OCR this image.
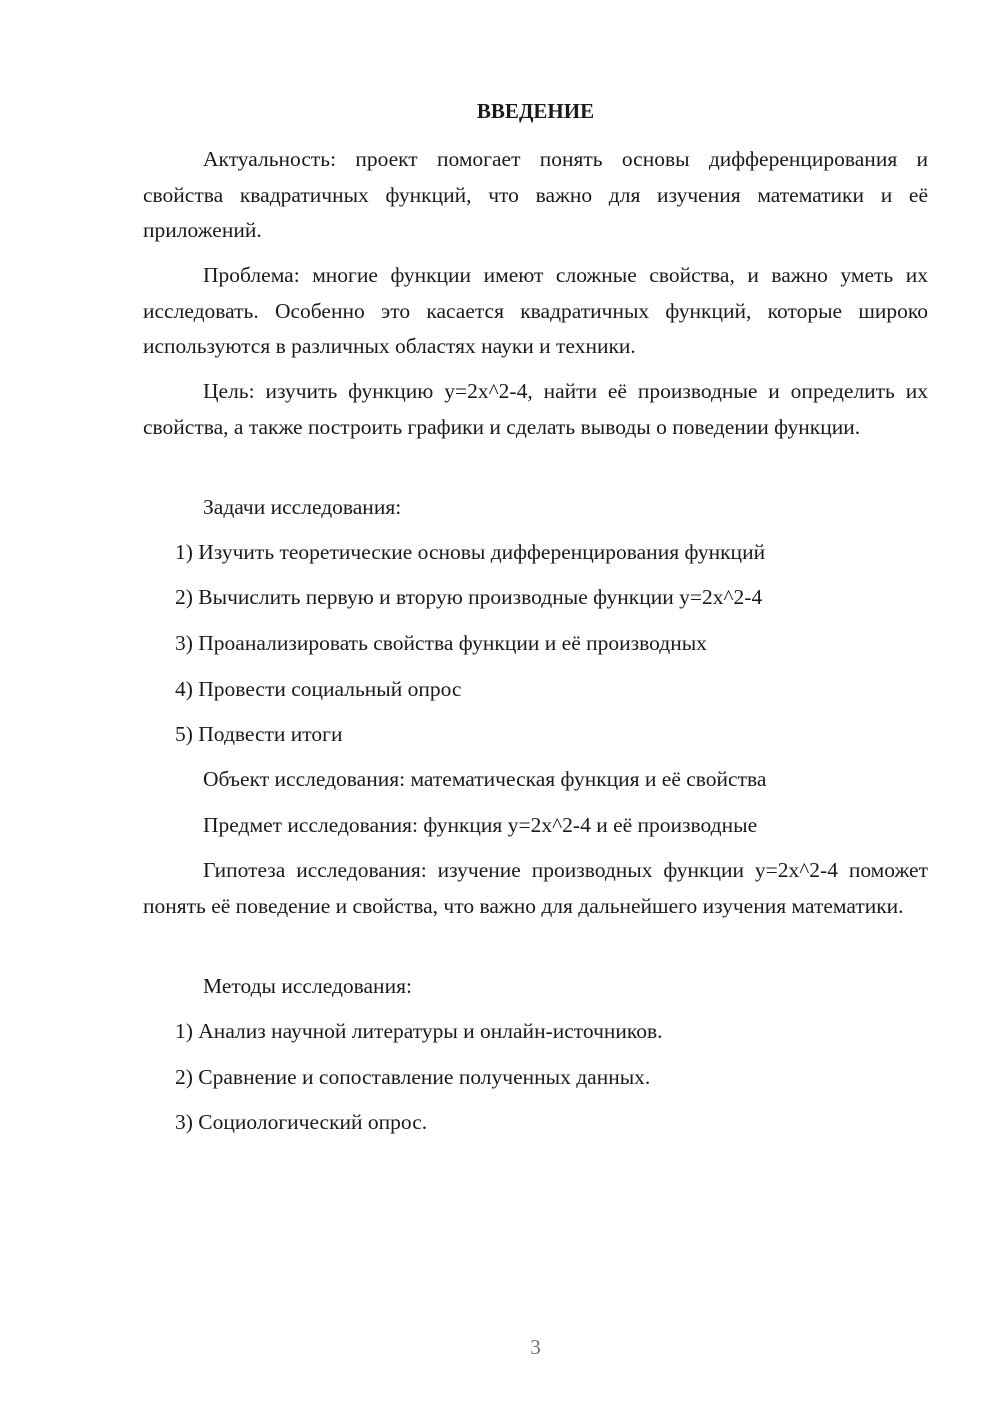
ВВЕДЕНИЕ

Актуальность: проект помогает понять основы дифференцирования и свойства квадратичных функций, что важно для изучения математики и её приложений.

Проблема: многие функции имеют сложные свойства, и важно уметь их исследовать. Особенно это касается квадратичных функций, которые широко используются в различных областях науки и техники.

Цель: изучить функцию y=2x^2-4, найти её производные и определить их свойства, а также построить графики и сделать выводы о поведении функции.

Задачи исследования:
1) Изучить теоретические основы дифференцирования функций
2) Вычислить первую и вторую производные функции y=2x^2-4
3) Проанализировать свойства функции и её производных
4) Провести социальный опрос
5) Подвести итоги
Объект исследования: математическая функция и её свойства
Предмет исследования: функция y=2x^2-4 и её производные

Гипотеза исследования: изучение производных функции y=2x^2-4 поможет понять её поведение и свойства, что важно для дальнейшего изучения математики.

Методы исследования:
1) Анализ научной литературы и онлайн-источников.
2) Сравнение и сопоставление полученных данных.
3) Социологический опрос.
3
